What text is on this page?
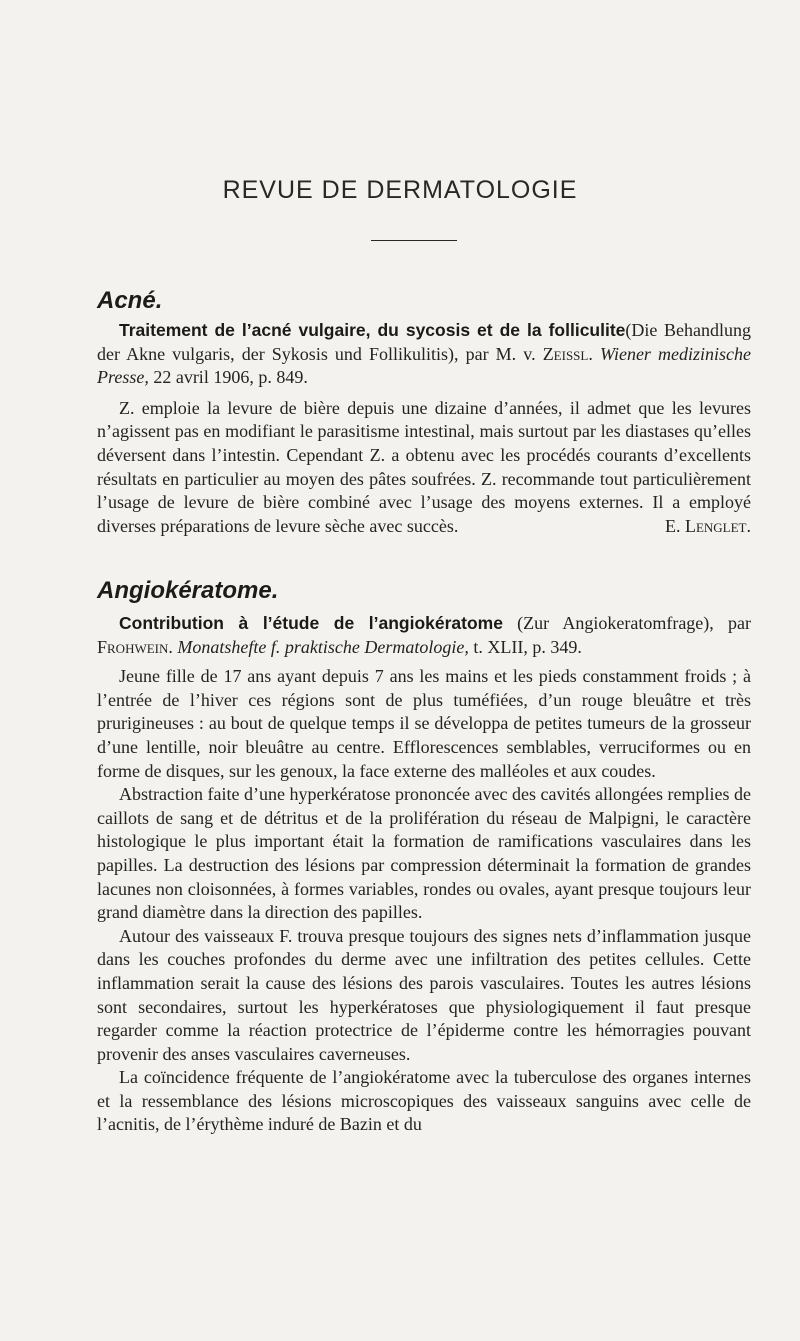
REVUE DE DERMATOLOGIE
Acné.

Traitement de l’acné vulgaire, du sycosis et de la folliculite(Die Behandlung der Akne vulgaris, der Sykosis und Follikulitis), par M. v. Zeissl. Wiener medizinische Presse, 22 avril 1906, p. 849.

Z. emploie la levure de bière depuis une dizaine d’années, il admet que les levures n’agissent pas en modifiant le parasitisme intestinal, mais surtout par les diastases qu’elles déversent dans l’intestin. Cependant Z. a obtenu avec les procédés courants d’excellents résultats en particulier au moyen des pâtes soufrées. Z. recommande tout particulièrement l’usage de levure de bière combiné avec l’usage des moyens externes. Il a employé diverses préparations de levure sèche avec succès.	E. Lenglet.

Angiokératome.

Contribution à l’étude de l’angiokératome (Zur Angiokeratomfrage), par Frohwein. Monatshefte f. praktische Dermatologie, t. XLII, p. 349.

Jeune fille de 17 ans ayant depuis 7 ans les mains et les pieds constamment froids ; à l’entrée de l’hiver ces régions sont de plus tuméfiées, d’un rouge bleuâtre et très prurigineuses : au bout de quelque temps il se développa de petites tumeurs de la grosseur d’une lentille, noir bleuâtre au centre. Efflorescences semblables, verruciformes ou en forme de disques, sur les genoux, la face externe des malléoles et aux coudes.

Abstraction faite d’une hyperkératose prononcée avec des cavités allongées remplies de caillots de sang et de détritus et de la prolifération du réseau de Malpigni, le caractère histologique le plus important était la formation de ramifications vasculaires dans les papilles. La destruction des lésions par compression déterminait la formation de grandes lacunes non cloisonnées, à formes variables, rondes ou ovales, ayant presque toujours leur grand diamètre dans la direction des papilles.

Autour des vaisseaux F. trouva presque toujours des signes nets d’inflammation jusque dans les couches profondes du derme avec une infiltration des petites cellules. Cette inflammation serait la cause des lésions des parois vasculaires. Toutes les autres lésions sont secondaires, surtout les hyperkératoses que physiologiquement il faut presque regarder comme la réaction protectrice de l’épiderme contre les hémorragies pouvant provenir des anses vasculaires caverneuses.

La coïncidence fréquente de l’angiokératome avec la tuberculose des organes internes et la ressemblance des lésions microscopiques des vaisseaux sanguins avec celle de l’acnitis, de l’érythème induré de Bazin et du
